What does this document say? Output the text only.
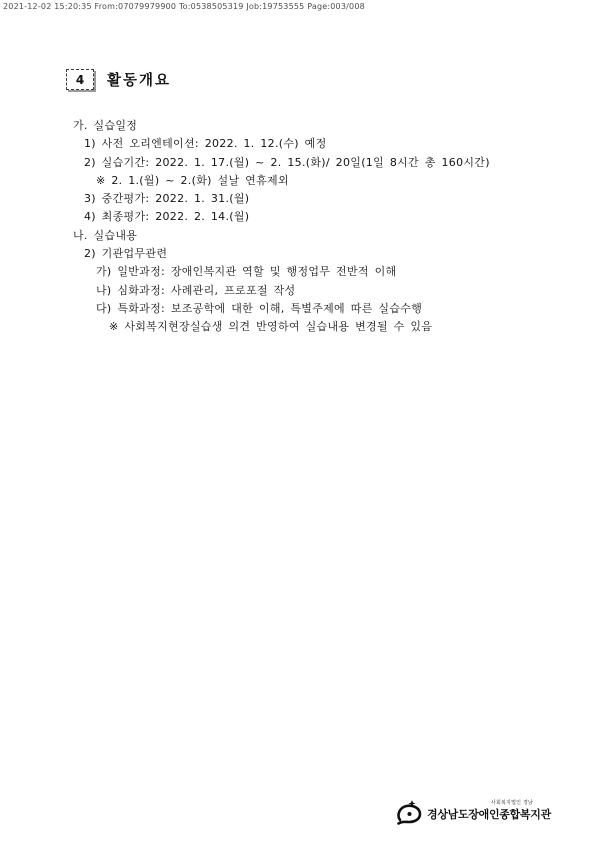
2021-12-02 15:20:35 From:07079979900 To:0538505319 Job:19753555 Page:003/008
4 활동개요
가. 실습일정
1) 사전 오리엔테이션: 2022. 1. 12.(수) 예정
2) 실습기간: 2022. 1. 17.(월) ~ 2. 15.(화)/ 20일(1일 8시간 총 160시간)
※ 2. 1.(월) ~ 2.(화) 설날 연휴제외
3) 중간평가: 2022. 1. 31.(월)
4) 최종평가: 2022. 2. 14.(월)
나. 실습내용
2) 기관업무관련
가) 일반과정: 장애인복지관 역할 및 행정업무 전반적 이해
나) 심화과정: 사례관리, 프로포절 작성
다) 특화과정: 보조공학에 대한 이해, 특별주제에 따른 실습수행
※ 사회복지현장실습생 의견 반영하여 실습내용 변경될 수 있음
사회복지법인 경남
경상남도장애인종합복지관
